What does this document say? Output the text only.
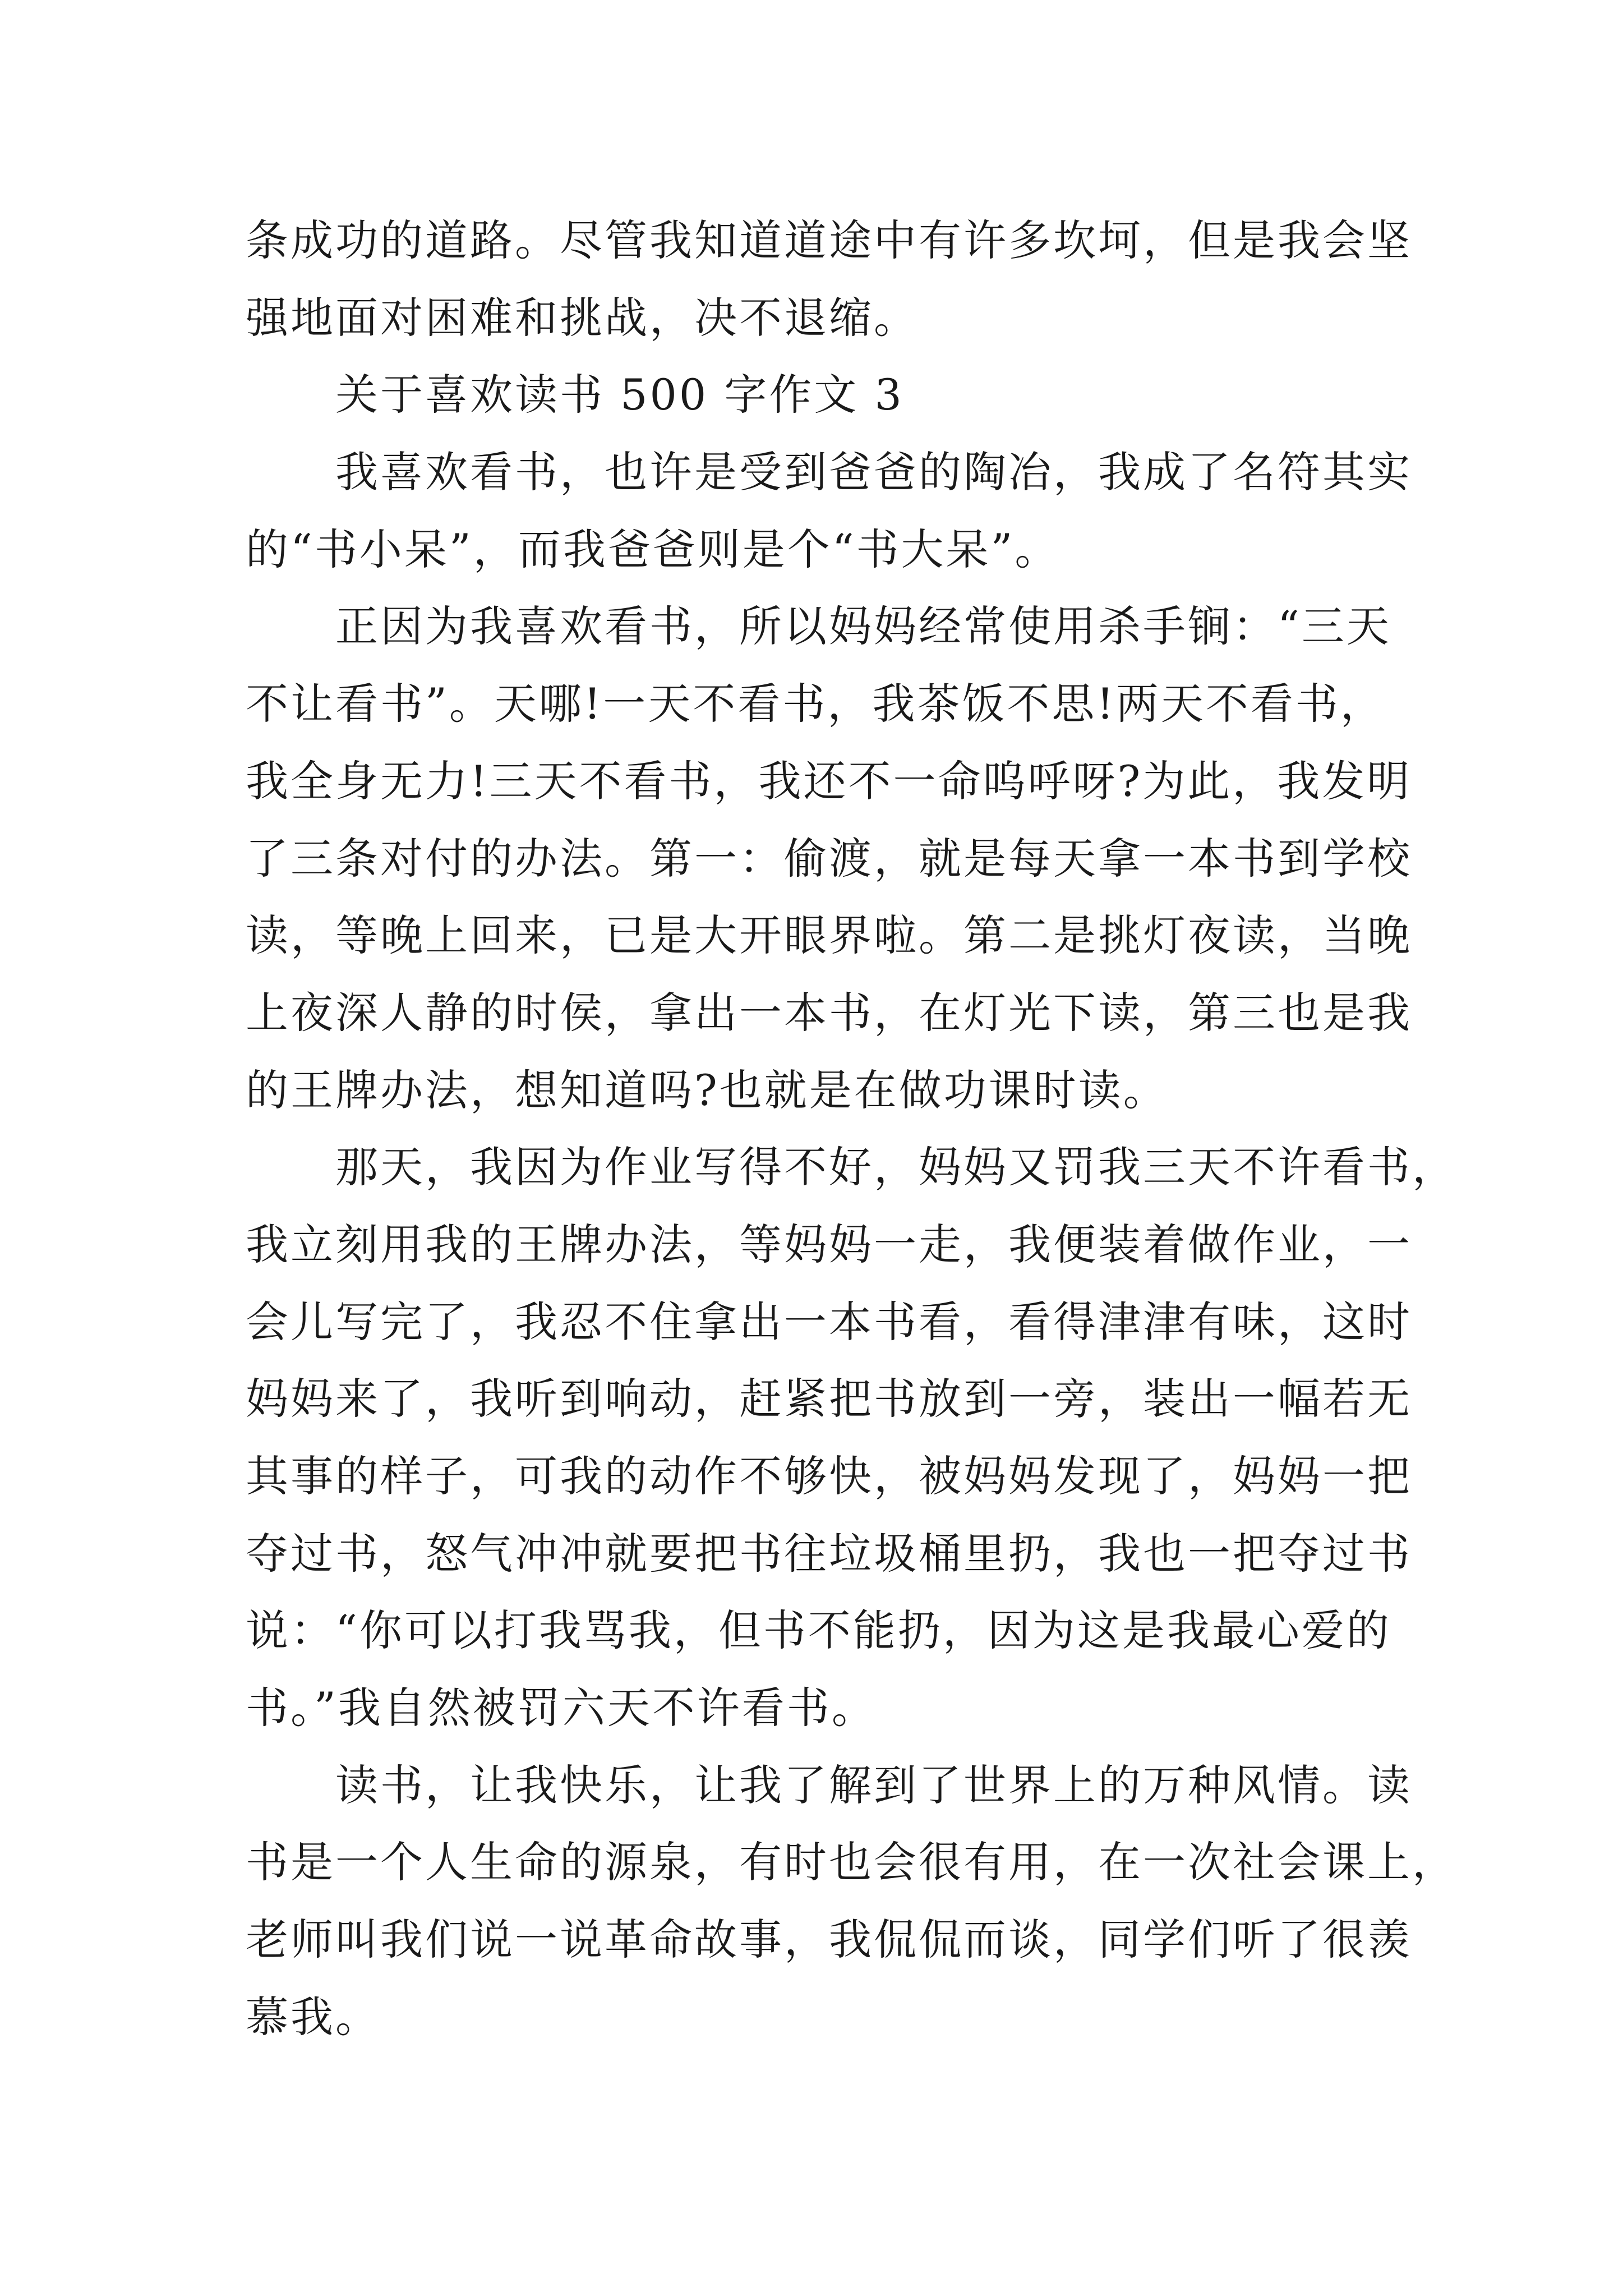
条成功的道路。尽管我知道道途中有许多坎坷，但是我会坚
强地面对困难和挑战，决不退缩。
关于喜欢读书 500 字作文 3
我喜欢看书，也许是受到爸爸的陶冶，我成了名符其实
的“书小呆”，而我爸爸则是个“书大呆”。
正因为我喜欢看书，所以妈妈经常使用杀手锏：“三天
不让看书”。天哪!一天不看书，我茶饭不思!两天不看书，
我全身无力!三天不看书，我还不一命呜呼呀?为此，我发明
了三条对付的办法。第一：偷渡，就是每天拿一本书到学校
读，等晚上回来，已是大开眼界啦。第二是挑灯夜读，当晚
上夜深人静的时侯，拿出一本书，在灯光下读，第三也是我
的王牌办法，想知道吗?也就是在做功课时读。
那天，我因为作业写得不好，妈妈又罚我三天不许看书，
我立刻用我的王牌办法，等妈妈一走，我便装着做作业，一
会儿写完了，我忍不住拿出一本书看，看得津津有味，这时
妈妈来了，我听到响动，赶紧把书放到一旁，装出一幅若无
其事的样子，可我的动作不够快，被妈妈发现了，妈妈一把
夺过书，怒气冲冲就要把书往垃圾桶里扔，我也一把夺过书
说：“你可以打我骂我，但书不能扔，因为这是我最心爱的
书。”我自然被罚六天不许看书。
读书，让我快乐，让我了解到了世界上的万种风情。读
书是一个人生命的源泉，有时也会很有用，在一次社会课上，
老师叫我们说一说革命故事，我侃侃而谈，同学们听了很羡
慕我。
